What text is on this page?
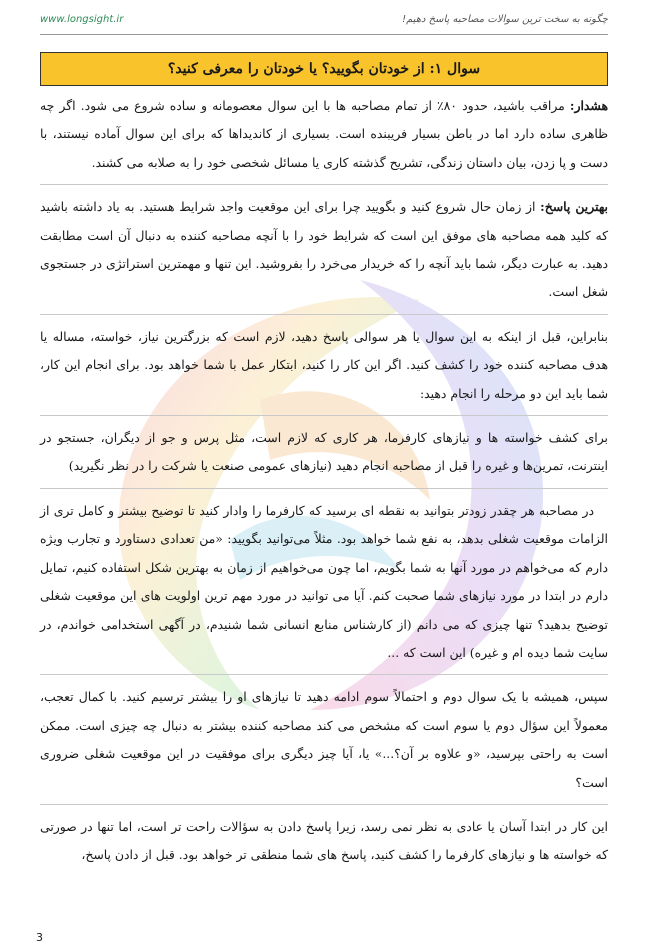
www.longsight.ir	چگونه به سخت ترین سوالات مصاحبه پاسخ دهیم!
سوال ۱: از خودتان بگویید؟ یا خودتان را معرفی کنید؟

هشدار: مراقب باشید، حدود ۸۰٪ از تمام مصاحبه ها با این سوال معصومانه و ساده شروع می شود. اگر چه ظاهری ساده دارد اما در باطن بسیار فریبنده است. بسیاری از کاندیداها که برای این سوال آماده نیستند، با دست و پا زدن، بیان داستان زندگی، تشریح گذشته کاری یا مسائل شخصی خود را به صلابه می کشند.

بهترین پاسخ: از زمان حال شروع کنید و بگویید چرا برای این موقعیت واجد شرایط هستید. به یاد داشته باشید که کلید همه مصاحبه های موفق این است که شرایط خود را با آنچه مصاحبه کننده به دنبال آن است مطابقت دهید. به عبارت دیگر، شما باید آنچه را که خریدار می‌خرد را بفروشید. این تنها و مهمترین استراتژی در جستجوی شغل است.

بنابراین، قبل از اینکه به این سوال یا هر سوالی پاسخ دهید، لازم است که بزرگترین نیاز، خواسته، مساله یا هدف مصاحبه کننده خود را کشف کنید. اگر این کار را کنید، ابتکار عمل با شما خواهد بود. برای انجام این کار، شما باید این دو مرحله را انجام دهید:

برای کشف خواسته ها و نیازهای کارفرما، هر کاری که لازم است، مثل پرس و جو از دیگران، جستجو در اینترنت، تمرین‌ها و غیره را قبل از مصاحبه انجام دهید (نیازهای عمومی صنعت یا شرکت را در نظر نگیرید)

در مصاحبه هر چقدر زودتر بتوانید به نقطه ای برسید که کارفرما را وادار کنید تا توضیح بیشتر و کامل تری از الزامات موقعیت شغلی بدهد، به نفع شما خواهد بود. مثلاً می‌توانید بگویید: «من تعدادی دستاورد و تجارب ویژه دارم که می‌خواهم در مورد آنها به شما بگویم، اما چون می‌خواهیم از زمان به بهترین شکل استفاده کنیم، تمایل دارم در ابتدا در مورد نیازهای شما صحبت کنم. آیا می توانید در مورد مهم ترین اولویت های این موقعیت شغلی توضیح بدهید؟ تنها چیزی که می دانم (از کارشناس منابع انسانی شما شنیدم، در آگهی استخدامی خواندم، در سایت شما دیده ام و غیره) این است که ...

سپس، همیشه با یک سوال دوم و احتمالاً سوم ادامه دهید تا نیازهای او را بیشتر ترسیم کنید. با کمال تعجب، معمولاً این سؤال دوم یا سوم است که مشخص می کند مصاحبه کننده بیشتر به دنبال چه چیزی است. ممکن است به راحتی بپرسید، «و علاوه بر آن؟...» یا، آیا چیز دیگری برای موفقیت در این موقعیت شغلی ضروری است؟

این کار در ابتدا آسان یا عادی به نظر نمی رسد، زیرا پاسخ دادن به سؤالات راحت تر است، اما تنها در صورتی که خواسته ها و نیازهای کارفرما را کشف کنید، پاسخ های شما منطقی تر خواهد بود. قبل از دادن پاسخ،

3
